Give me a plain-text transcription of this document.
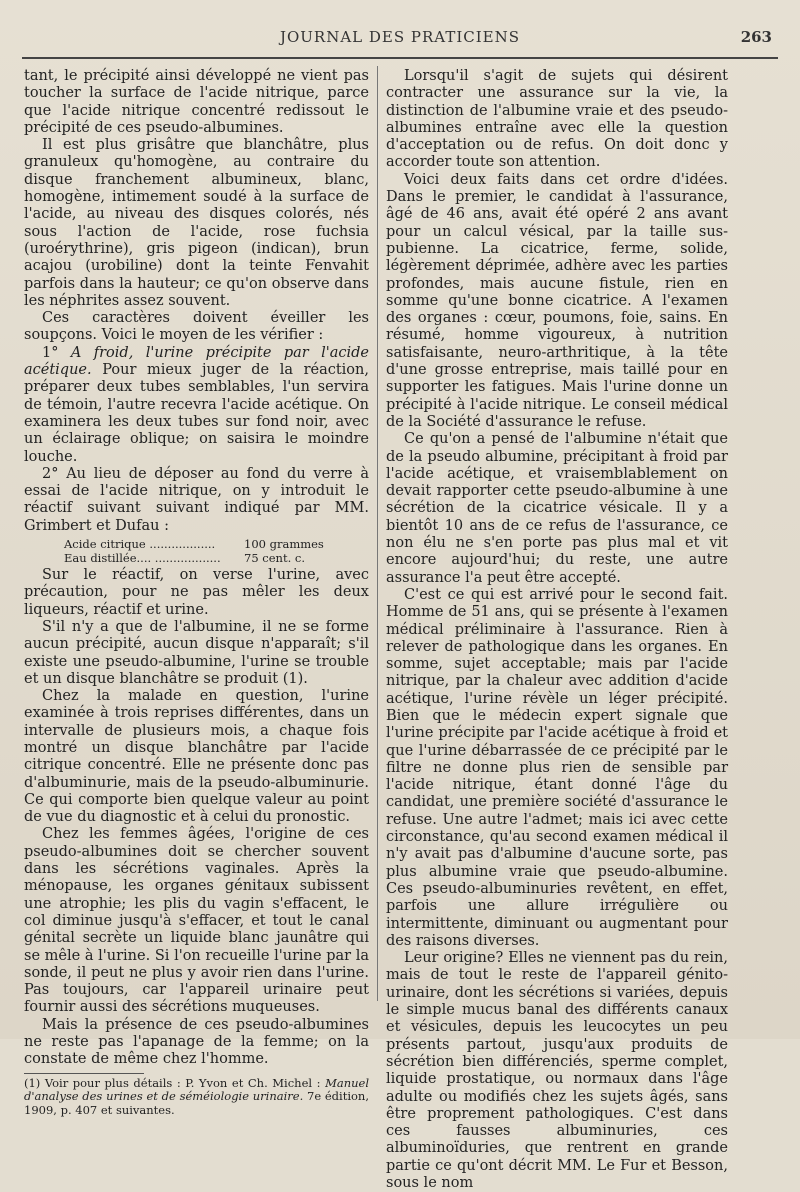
JOURNAL DES PRATICIENS	263

tant, le précipité ainsi développé ne vient pas toucher la surface de l'acide nitrique, parce que l'acide nitrique concentré redissout le précipité de ces pseudo-albumines.

Il est plus grisâtre que blanchâtre, plus granuleux qu'homogène, au contraire du disque franchement albumineux, blanc, homogène, intimement soudé à la surface de l'acide, au niveau des disques colorés, nés sous l'action de l'acide, rose fuchsia (uroérythrine), gris pigeon (indican), brun acajou (urobiline) dont la teinte Fenvahit parfois dans la hauteur; ce qu'on observe dans les néphrites assez souvent.

Ces caractères doivent éveiller les soupçons. Voici le moyen de les vérifier :

1° A froid, l'urine précipite par l'acide acétique. Pour mieux juger de la réaction, préparer deux tubes semblables, l'un servira de témoin, l'autre recevra l'acide acétique. On examinera les deux tubes sur fond noir, avec un éclairage oblique; on saisira le moindre louche.

2° Au lieu de déposer au fond du verre à essai de l'acide nitrique, on y introduit le réactif suivant suivant indiqué par MM. Grimbert et Dufau :

Acide citrique ..................	100 grammes
Eau distillée.... ..................	75 cent. c.

Sur le réactif, on verse l'urine, avec précaution, pour ne pas mêler les deux liqueurs, réactif et urine.

S'il n'y a que de l'albumine, il ne se forme aucun précipité, aucun disque n'apparaît; s'il existe une pseudo-albumine, l'urine se trouble et un disque blanchâtre se produit (1).

Chez la malade en question, l'urine examinée à trois reprises différentes, dans un intervalle de plusieurs mois, a chaque fois montré un disque blanchâtre par l'acide citrique concentré. Elle ne présente donc pas d'albuminurie, mais de la pseudo-albuminurie. Ce qui comporte bien quelque valeur au point de vue du diagnostic et à celui du pronostic.

Chez les femmes âgées, l'origine de ces pseudo-albumines doit se chercher souvent dans les sécrétions vaginales. Après la ménopause, les organes génitaux subissent une atrophie; les plis du vagin s'effacent, le col diminue jusqu'à s'effacer, et tout le canal génital secrète un liquide blanc jaunâtre qui se mêle à l'urine. Si l'on recueille l'urine par la sonde, il peut ne plus y avoir rien dans l'urine. Pas toujours, car l'appareil urinaire peut fournir aussi des sécrétions muqueuses.

Mais la présence de ces pseudo-albumines ne reste pas l'apanage de la femme; on la constate de même chez l'homme.

(1) Voir pour plus détails : P. Yvon et Ch. Michel : Manuel d'analyse des urines et de séméiologie urinaire. 7e édition, 1909, p. 407 et suivantes.

Lorsqu'il s'agit de sujets qui désirent contracter une assurance sur la vie, la distinction de l'albumine vraie et des pseudo-albumines entraîne avec elle la question d'acceptation ou de refus. On doit donc y accorder toute son attention.

Voici deux faits dans cet ordre d'idées. Dans le premier, le candidat à l'assurance, âgé de 46 ans, avait été opéré 2 ans avant pour un calcul vésical, par la taille sus-pubienne. La cicatrice, ferme, solide, légèrement déprimée, adhère avec les parties profondes, mais aucune fistule, rien en somme qu'une bonne cicatrice. A l'examen des organes : cœur, poumons, foie, sains. En résumé, homme vigoureux, à nutrition satisfaisante, neuro-arthritique, à la tête d'une grosse entreprise, mais taillé pour en supporter les fatigues. Mais l'urine donne un précipité à l'acide nitrique. Le conseil médical de la Société d'assurance le refuse.

Ce qu'on a pensé de l'albumine n'était que de la pseudo albumine, précipitant à froid par l'acide acétique, et vraisemblablement on devait rapporter cette pseudo-albumine à une sécrétion de la cicatrice vésicale. Il y a bientôt 10 ans de ce refus de l'assurance, ce non élu ne s'en porte pas plus mal et vit encore aujourd'hui; du reste, une autre assurance l'a peut être accepté.

C'est ce qui est arrivé pour le second fait. Homme de 51 ans, qui se présente à l'examen médical préliminaire à l'assurance. Rien à relever de pathologique dans les organes. En somme, sujet acceptable; mais par l'acide nitrique, par la chaleur avec addition d'acide acétique, l'urine révèle un léger précipité. Bien que le médecin expert signale que l'urine précipite par l'acide acétique à froid et que l'urine débarrassée de ce précipité par le filtre ne donne plus rien de sensible par l'acide nitrique, étant donné l'âge du candidat, une première société d'assurance le refuse. Une autre l'admet; mais ici avec cette circonstance, qu'au second examen médical il n'y avait pas d'albumine d'aucune sorte, pas plus albumine vraie que pseudo-albumine. Ces pseudo-albuminuries revêtent, en effet, parfois une allure irrégulière ou intermittente, diminuant ou augmentant pour des raisons diverses.

Leur origine? Elles ne viennent pas du rein, mais de tout le reste de l'appareil génito-urinaire, dont les sécrétions si variées, depuis le simple mucus banal des différents canaux et vésicules, depuis les leucocytes un peu présents partout, jusqu'aux produits de sécrétion bien différenciés, sperme complet, liquide prostatique, ou normaux dans l'âge adulte ou modifiés chez les sujets âgés, sans être proprement pathologiques. C'est dans ces fausses albuminuries, ces albuminoïduries, que rentrent en grande partie ce qu'ont décrit MM. Le Fur et Besson, sous le nom
